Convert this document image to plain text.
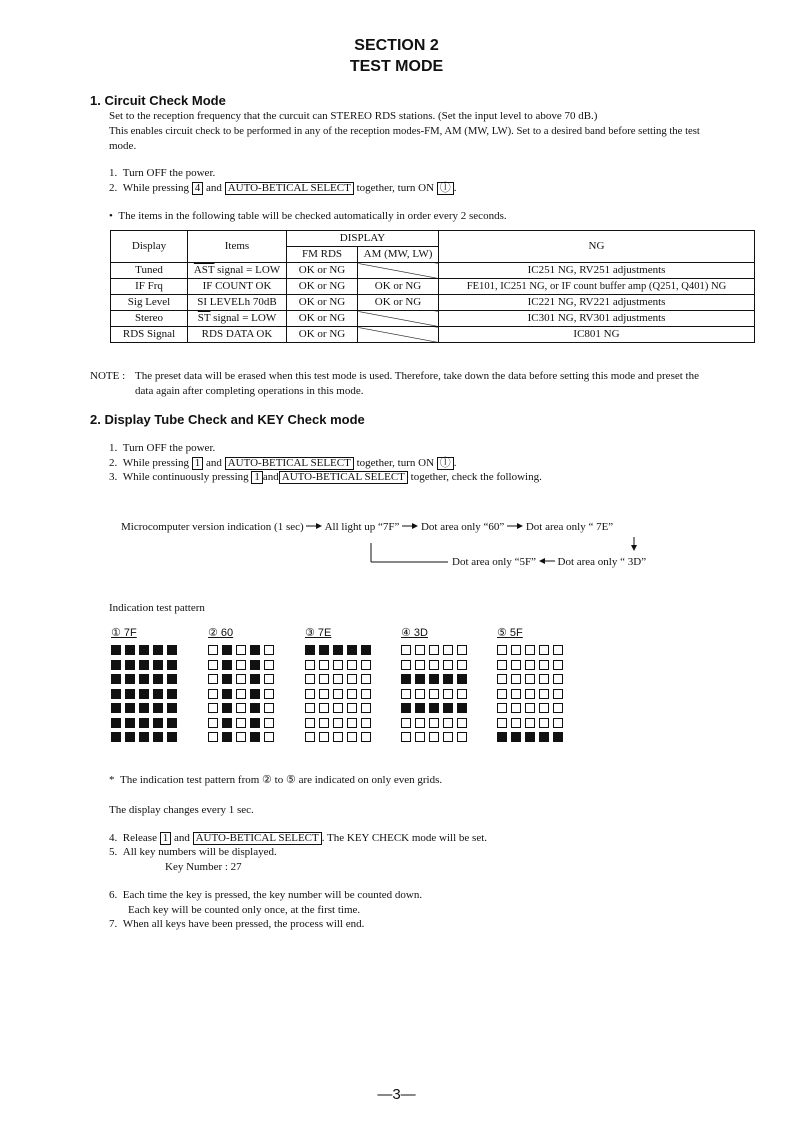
SECTION 2
TEST MODE
1. Circuit Check Mode
Set to the reception frequency that the curcuit can STEREO RDS stations. (Set the input level to above 70 dB.)
This enables circuit check to be performed in any of the reception modes-FM, AM (MW, LW). Set to a desired band before setting the test
mode.
1. Turn OFF the power.
2. While pressing 4 and AUTO-BETICAL SELECT together, turn ON ⓛ .
• The items in the following table will be checked automatically in order every 2 seconds.
Display	Items	DISPLAY		NG
		FM RDS	AM (MW, LW)	
Tuned	$\overline{AST}$ signal = LOW	OK or NG		IC251 NG, RV251 adjustments
IF Frq	IF COUNT OK	OK or NG	OK or NG	FE101, IC251 NG, or IF count buffer amp (Q251, Q401) NG
Sig Level	SI LEVELh 70dB	OK or NG	OK or NG	IC221 NG, RV221 adjustments
Stereo	$\overline{ST}$ signal = LOW	OK or NG		IC301 NG, RV301 adjustments
RDS Signal	RDS DATA OK	OK or NG		IC801 NG
NOTE : The preset data will be erased when this test mode is used. Therefore, take down the data before setting this mode and preset the
data again after completing operations in this mode.
2. Display Tube Check and KEY Check mode
1. Turn OFF the power.
2. While pressing 1 and AUTO-BETICAL SELECT together, turn ON ⓛ .
3. While continuously pressing 1 and AUTO-BETICAL SELECT together, check the following.
Microcomputer version indication (1 sec) All light up “7F” Dot area only “60” Dot area only “ 7E”
Dot area only “5F” Dot area only “ 3D”
Indication test pattern
① 7F	② 60	③ 7E	④ 3D	⑤ 5F
* The indication test pattern from ② to ⑤ are indicated on only even grids.
The display changes every 1 sec.
4. Release 1 and AUTO-BETICAL SELECT . The KEY CHECK mode will be set.
5. All key numbers will be displayed.
Key Number : 27
6. Each time the key is pressed, the key number will be counted down.
Each key will be counted only once, at the first time.
7. When all keys have been pressed, the process will end.
—3—
